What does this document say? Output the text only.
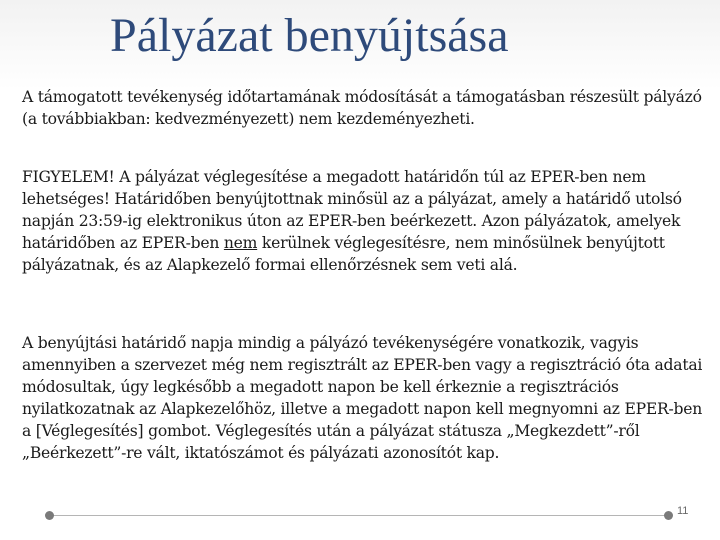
Pályázat benyújtsása

A támogatott tevékenység időtartamának módosítását a támogatásban részesült pályázó (a továbbiakban: kedvezményezett) nem kezdeményezheti.

FIGYELEM! A pályázat véglegesítése a megadott határidőn túl az EPER-ben nem lehetséges! Határidőben benyújtottnak minősül az a pályázat, amely a határidő utolsó napján 23:59-ig elektronikus úton az EPER-ben beérkezett. Azon pályázatok, amelyek határidőben az EPER-ben nem kerülnek véglegesítésre, nem minősülnek benyújtott pályázatnak, és az Alapkezelő formai ellenőrzésnek sem veti alá.

A benyújtási határidő napja mindig a pályázó tevékenységére vonatkozik, vagyis amennyiben a szervezet még nem regisztrált az EPER-ben vagy a regisztráció óta adatai módosultak, úgy legkésőbb a megadott napon be kell érkeznie a regisztrációs nyilatkozatnak az Alapkezelőhöz, illetve a megadott napon kell megnyomni az EPER-ben a [Véglegesítés] gombot. Véglegesítés után a pályázat státusza „Megkezdett”-ről „Beérkezett”-re vált, iktatószámot és pályázati azonosítót kap.

11
